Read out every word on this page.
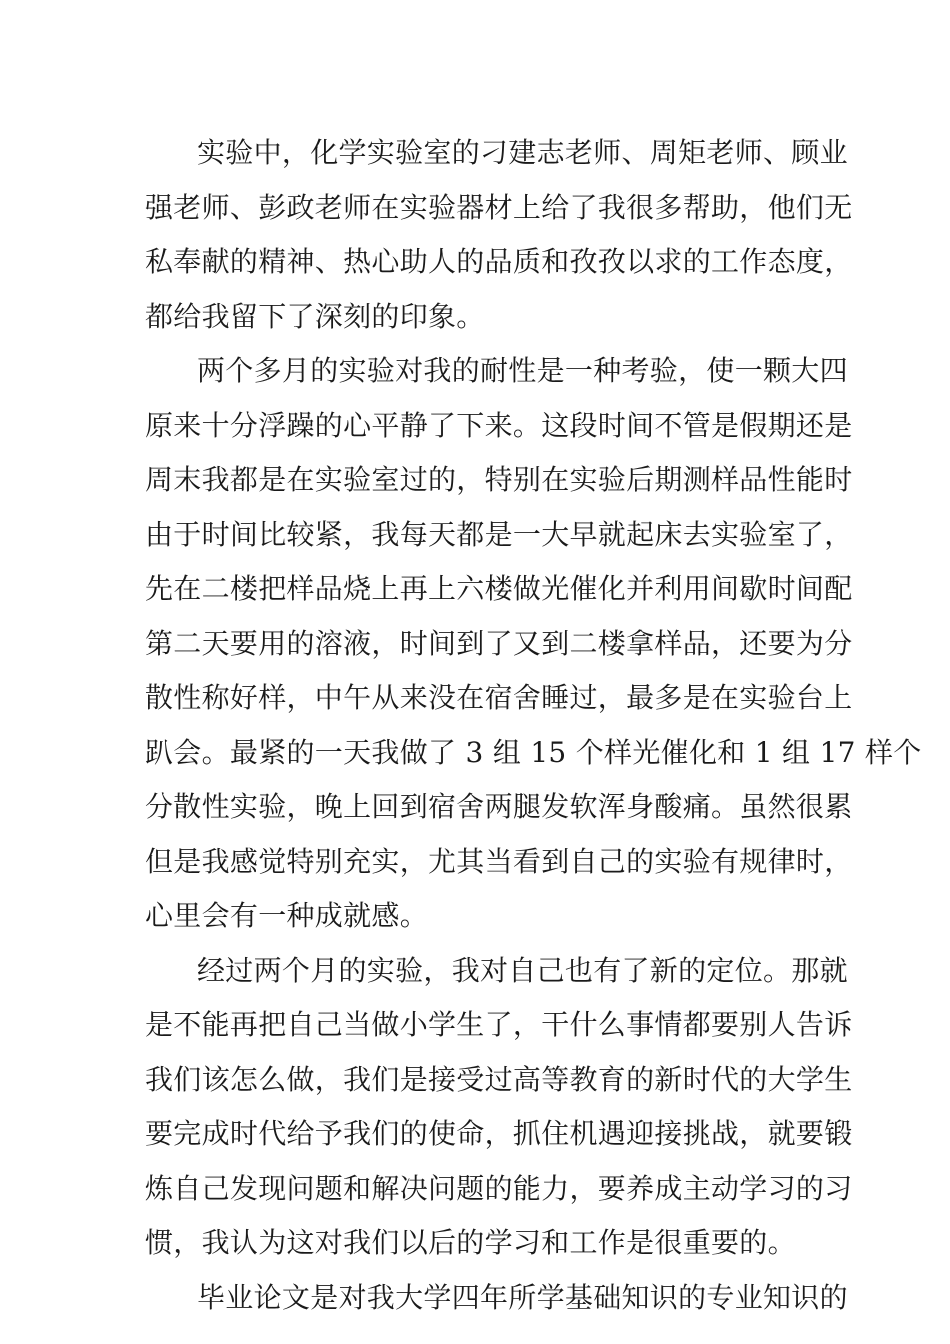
实验中，化学实验室的刁建志老师、周矩老师、顾业
强老师、彭政老师在实验器材上给了我很多帮助，他们无
私奉献的精神、热心助人的品质和孜孜以求的工作态度，
都给我留下了深刻的印象。
两个多月的实验对我的耐性是一种考验，使一颗大四
原来十分浮躁的心平静了下来。这段时间不管是假期还是
周末我都是在实验室过的，特别在实验后期测样品性能时
由于时间比较紧，我每天都是一大早就起床去实验室了，
先在二楼把样品烧上再上六楼做光催化并利用间歇时间配
第二天要用的溶液，时间到了又到二楼拿样品，还要为分
散性称好样，中午从来没在宿舍睡过，最多是在实验台上
趴会。最紧的一天我做了 3 组 15 个样光催化和 1 组 17 样个
分散性实验，晚上回到宿舍两腿发软浑身酸痛。虽然很累
但是我感觉特别充实，尤其当看到自己的实验有规律时，
心里会有一种成就感。
经过两个月的实验，我对自己也有了新的定位。那就
是不能再把自己当做小学生了，干什么事情都要别人告诉
我们该怎么做，我们是接受过高等教育的新时代的大学生
要完成时代给予我们的使命，抓住机遇迎接挑战，就要锻
炼自己发现问题和解决问题的能力，要养成主动学习的习
惯，我认为这对我们以后的学习和工作是很重要的。
毕业论文是对我大学四年所学基础知识的专业知识的
